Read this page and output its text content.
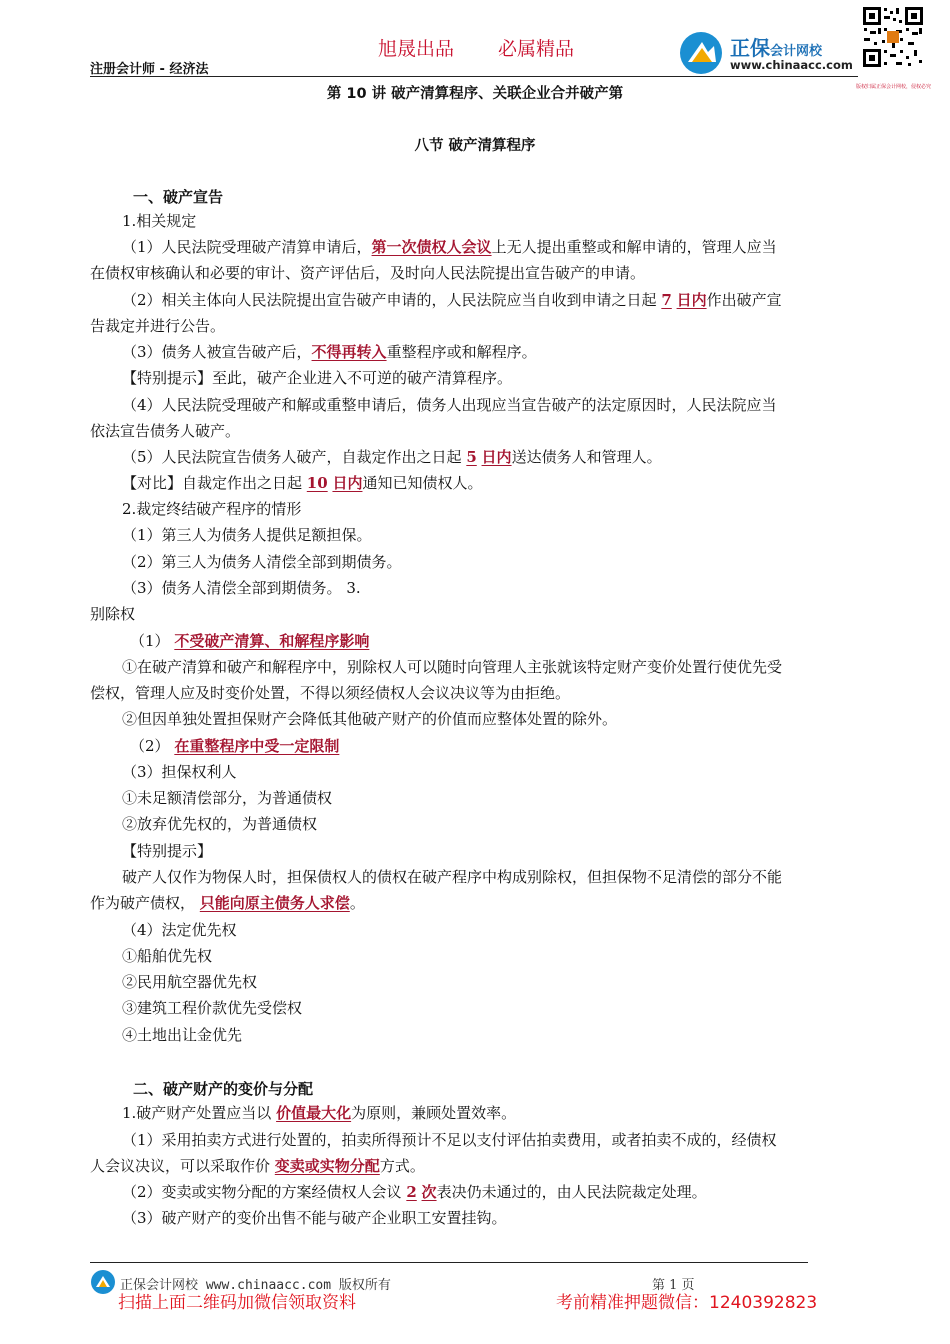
旭晟出品 必属精品
注册会计师 - 经济法
正保会计网校
www.chinaacc.com
版权归属正保会计网校，侵权必究
第 10 讲 破产清算程序、关联企业合并破产第
八节 破产清算程序
一、破产宣告
1.相关规定
（1）人民法院受理破产清算申请后，第一次债权人会议上无人提出重整或和解申请的，管理人应当
在债权审核确认和必要的审计、资产评估后，及时向人民法院提出宣告破产的申请。
（2）相关主体向人民法院提出宣告破产申请的，人民法院应当自收到申请之日起 7 日内作出破产宣
告裁定并进行公告。
（3）债务人被宣告破产后，不得再转入重整程序或和解程序。
【特别提示】至此，破产企业进入不可逆的破产清算程序。
（4）人民法院受理破产和解或重整申请后，债务人出现应当宣告破产的法定原因时，人民法院应当
依法宣告债务人破产。
（5）人民法院宣告债务人破产，自裁定作出之日起 5 日内送达债务人和管理人。
【对比】自裁定作出之日起 10 日内通知已知债权人。
2.裁定终结破产程序的情形
（1）第三人为债务人提供足额担保。
（2）第三人为债务人清偿全部到期债务。
（3）债务人清偿全部到期债务。 3.
别除权
（1） 不受破产清算、和解程序影响
①在破产清算和破产和解程序中，别除权人可以随时向管理人主张就该特定财产变价处置行使优先受
偿权，管理人应及时变价处置，不得以须经债权人会议决议等为由拒绝。
②但因单独处置担保财产会降低其他破产财产的价值而应整体处置的除外。
（2） 在重整程序中受一定限制
（3）担保权利人
①未足额清偿部分，为普通债权
②放弃优先权的，为普通债权
【特别提示】
破产人仅作为物保人时，担保债权人的债权在破产程序中构成别除权，但担保物不足清偿的部分不能
作为破产债权， 只能向原主债务人求偿。
（4）法定优先权
①船舶优先权
②民用航空器优先权
③建筑工程价款优先受偿权
④土地出让金优先
二、破产财产的变价与分配
1.破产财产处置应当以 价值最大化为原则，兼顾处置效率。
（1）采用拍卖方式进行处置的，拍卖所得预计不足以支付评估拍卖费用，或者拍卖不成的，经债权
人会议决议，可以采取作价 变卖或实物分配方式。
（2）变卖或实物分配的方案经债权人会议 2 次表决仍未通过的，由人民法院裁定处理。
（3）破产财产的变价出售不能与破产企业职工安置挂钩。
正保会计网校 www.chinaacc.com 版权所有	第 1 页
扫描上面二维码加微信领取资料	考前精准押题微信：1240392823
